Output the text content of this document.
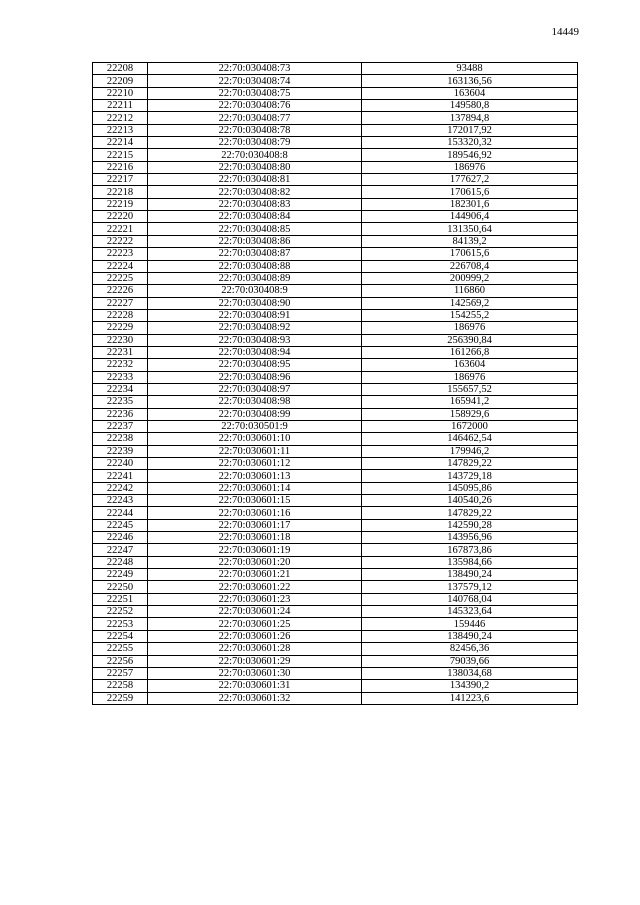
14449
22208	22:70:030408:73	93488
22209	22:70:030408:74	163136,56
22210	22:70:030408:75	163604
22211	22:70:030408:76	149580,8
22212	22:70:030408:77	137894,8
22213	22:70:030408:78	172017,92
22214	22:70:030408:79	153320,32
22215	22:70:030408:8	189546,92
22216	22:70:030408:80	186976
22217	22:70:030408:81	177627,2
22218	22:70:030408:82	170615,6
22219	22:70:030408:83	182301,6
22220	22:70:030408:84	144906,4
22221	22:70:030408:85	131350,64
22222	22:70:030408:86	84139,2
22223	22:70:030408:87	170615,6
22224	22:70:030408:88	226708,4
22225	22:70:030408:89	200999,2
22226	22:70:030408:9	116860
22227	22:70:030408:90	142569,2
22228	22:70:030408:91	154255,2
22229	22:70:030408:92	186976
22230	22:70:030408:93	256390,84
22231	22:70:030408:94	161266,8
22232	22:70:030408:95	163604
22233	22:70:030408:96	186976
22234	22:70:030408:97	155657,52
22235	22:70:030408:98	165941,2
22236	22:70:030408:99	158929,6
22237	22:70:030501:9	1672000
22238	22:70:030601:10	146462,54
22239	22:70:030601:11	179946,2
22240	22:70:030601:12	147829,22
22241	22:70:030601:13	143729,18
22242	22:70:030601:14	145095,86
22243	22:70:030601:15	140540,26
22244	22:70:030601:16	147829,22
22245	22:70:030601:17	142590,28
22246	22:70:030601:18	143956,96
22247	22:70:030601:19	167873,86
22248	22:70:030601:20	135984,66
22249	22:70:030601:21	138490,24
22250	22:70:030601:22	137579,12
22251	22:70:030601:23	140768,04
22252	22:70:030601:24	145323,64
22253	22:70:030601:25	159446
22254	22:70:030601:26	138490,24
22255	22:70:030601:28	82456,36
22256	22:70:030601:29	79039,66
22257	22:70:030601:30	138034,68
22258	22:70:030601:31	134390,2
22259	22:70:030601:32	141223,6
